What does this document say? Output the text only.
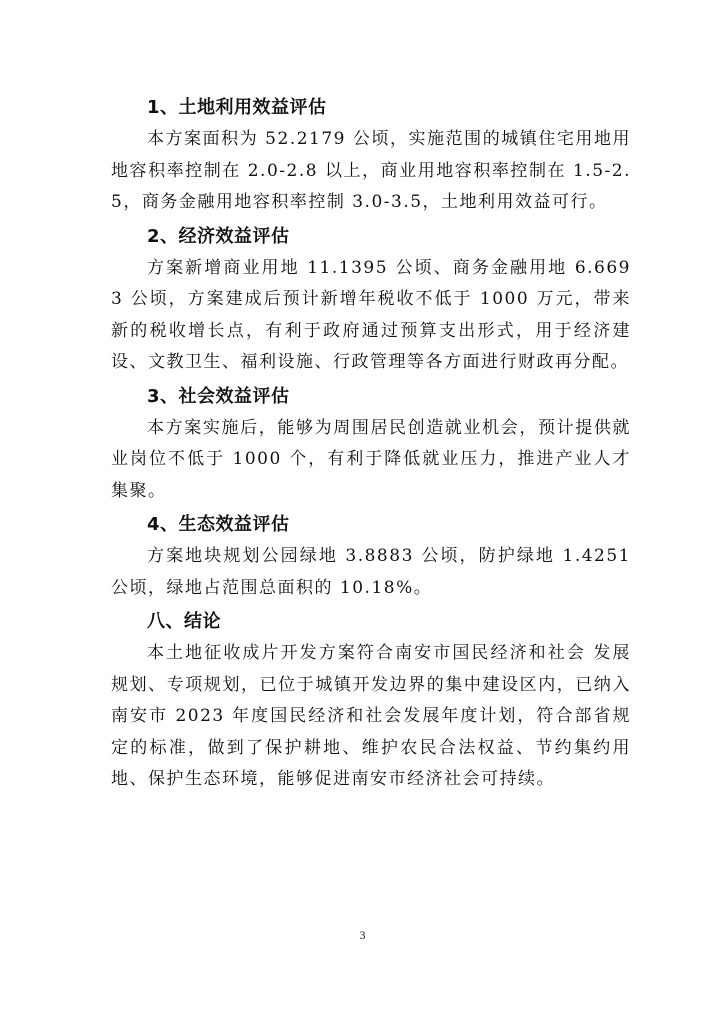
1、土地利用效益评估

本方案面积为 52.2179 公顷，实施范围的城镇住宅用地用地容积率控制在 2.0-2.8 以上，商业用地容积率控制在 1.5-2.5，商务金融用地容积率控制 3.0-3.5，土地利用效益可行。

2、经济效益评估

方案新增商业用地 11.1395 公顷、商务金融用地 6.6693 公顷，方案建成后预计新增年税收不低于 1000 万元，带来新的税收增长点，有利于政府通过预算支出形式，用于经济建设、文教卫生、福利设施、行政管理等各方面进行财政再分配。

3、社会效益评估

本方案实施后，能够为周围居民创造就业机会，预计提供就业岗位不低于 1000 个，有利于降低就业压力，推进产业人才集聚。

4、生态效益评估

方案地块规划公园绿地 3.8883 公顷，防护绿地 1.4251 公顷，绿地占范围总面积的 10.18%。

八、结论

本土地征收成片开发方案符合南安市国民经济和社会 发展规划、专项规划，已位于城镇开发边界的集中建设区内，已纳入南安市 2023 年度国民经济和社会发展年度计划，符合部省规定的标准，做到了保护耕地、维护农民合法权益、节约集约用地、保护生态环境，能够促进南安市经济社会可持续。

3
